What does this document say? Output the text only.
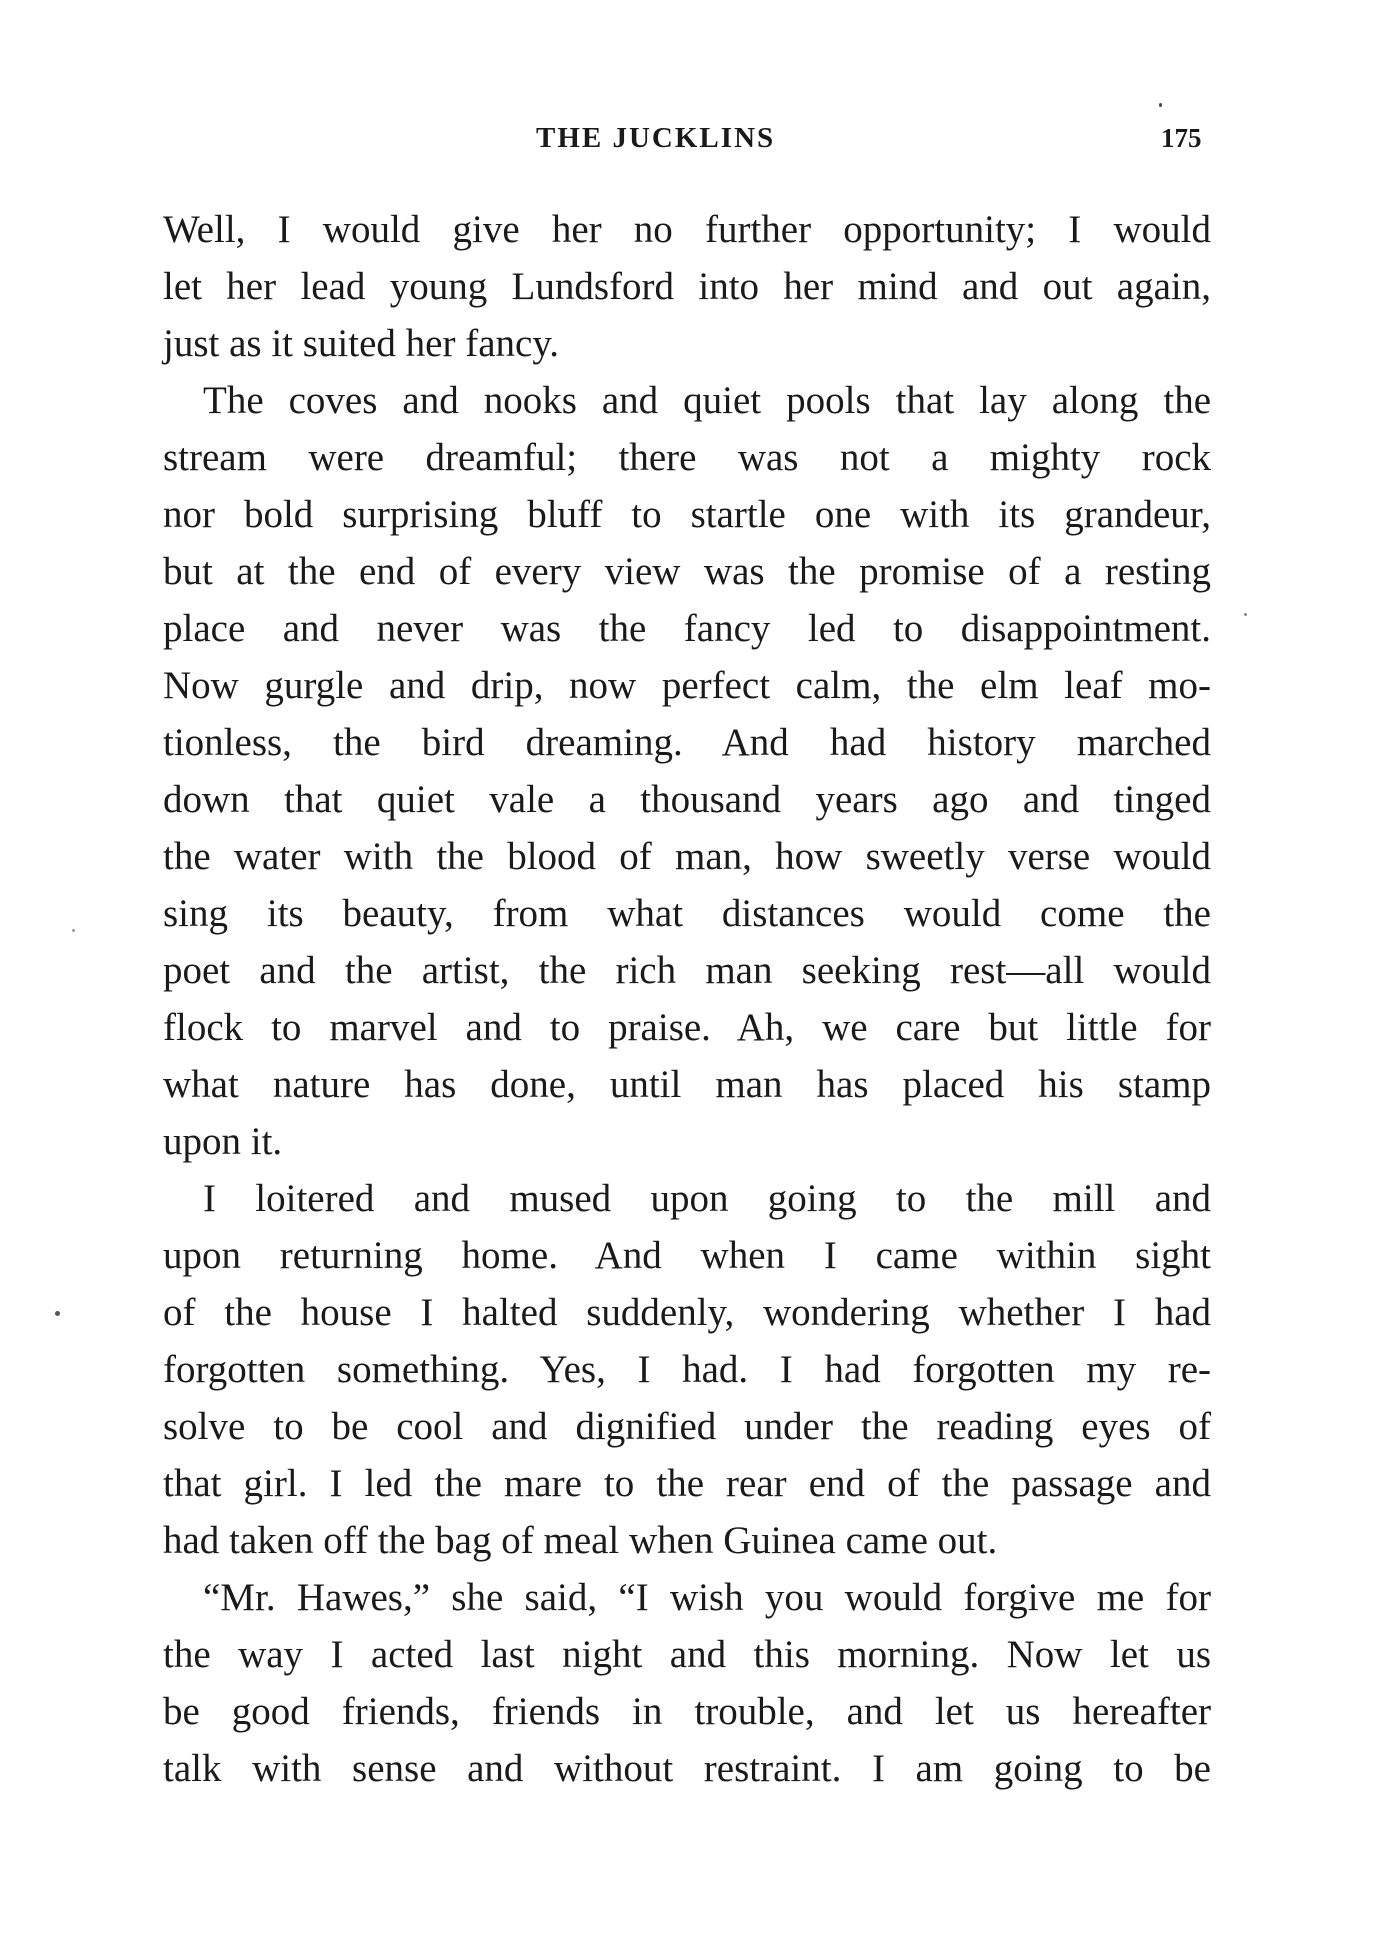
THE JUCKLINS	175
Well, I would give her no further opportunity; I would
let her lead young Lundsford into her mind and out again,
just as it suited her fancy.
The coves and nooks and quiet pools that lay along the
stream were dreamful; there was not a mighty rock
nor bold surprising bluff to startle one with its grandeur,
but at the end of every view was the promise of a resting
place and never was the fancy led to disappointment.
Now gurgle and drip, now perfect calm, the elm leaf mo-
tionless, the bird dreaming. And had history marched
down that quiet vale a thousand years ago and tinged
the water with the blood of man, how sweetly verse would
sing its beauty, from what distances would come the
poet and the artist, the rich man seeking rest—all would
flock to marvel and to praise. Ah, we care but little for
what nature has done, until man has placed his stamp
upon it.
I loitered and mused upon going to the mill and
upon returning home. And when I came within sight
of the house I halted suddenly, wondering whether I had
forgotten something. Yes, I had. I had forgotten my re-
solve to be cool and dignified under the reading eyes of
that girl. I led the mare to the rear end of the passage and
had taken off the bag of meal when Guinea came out.
“Mr. Hawes,” she said, “I wish you would forgive me for
the way I acted last night and this morning. Now let us
be good friends, friends in trouble, and let us hereafter
talk with sense and without restraint. I am going to be
